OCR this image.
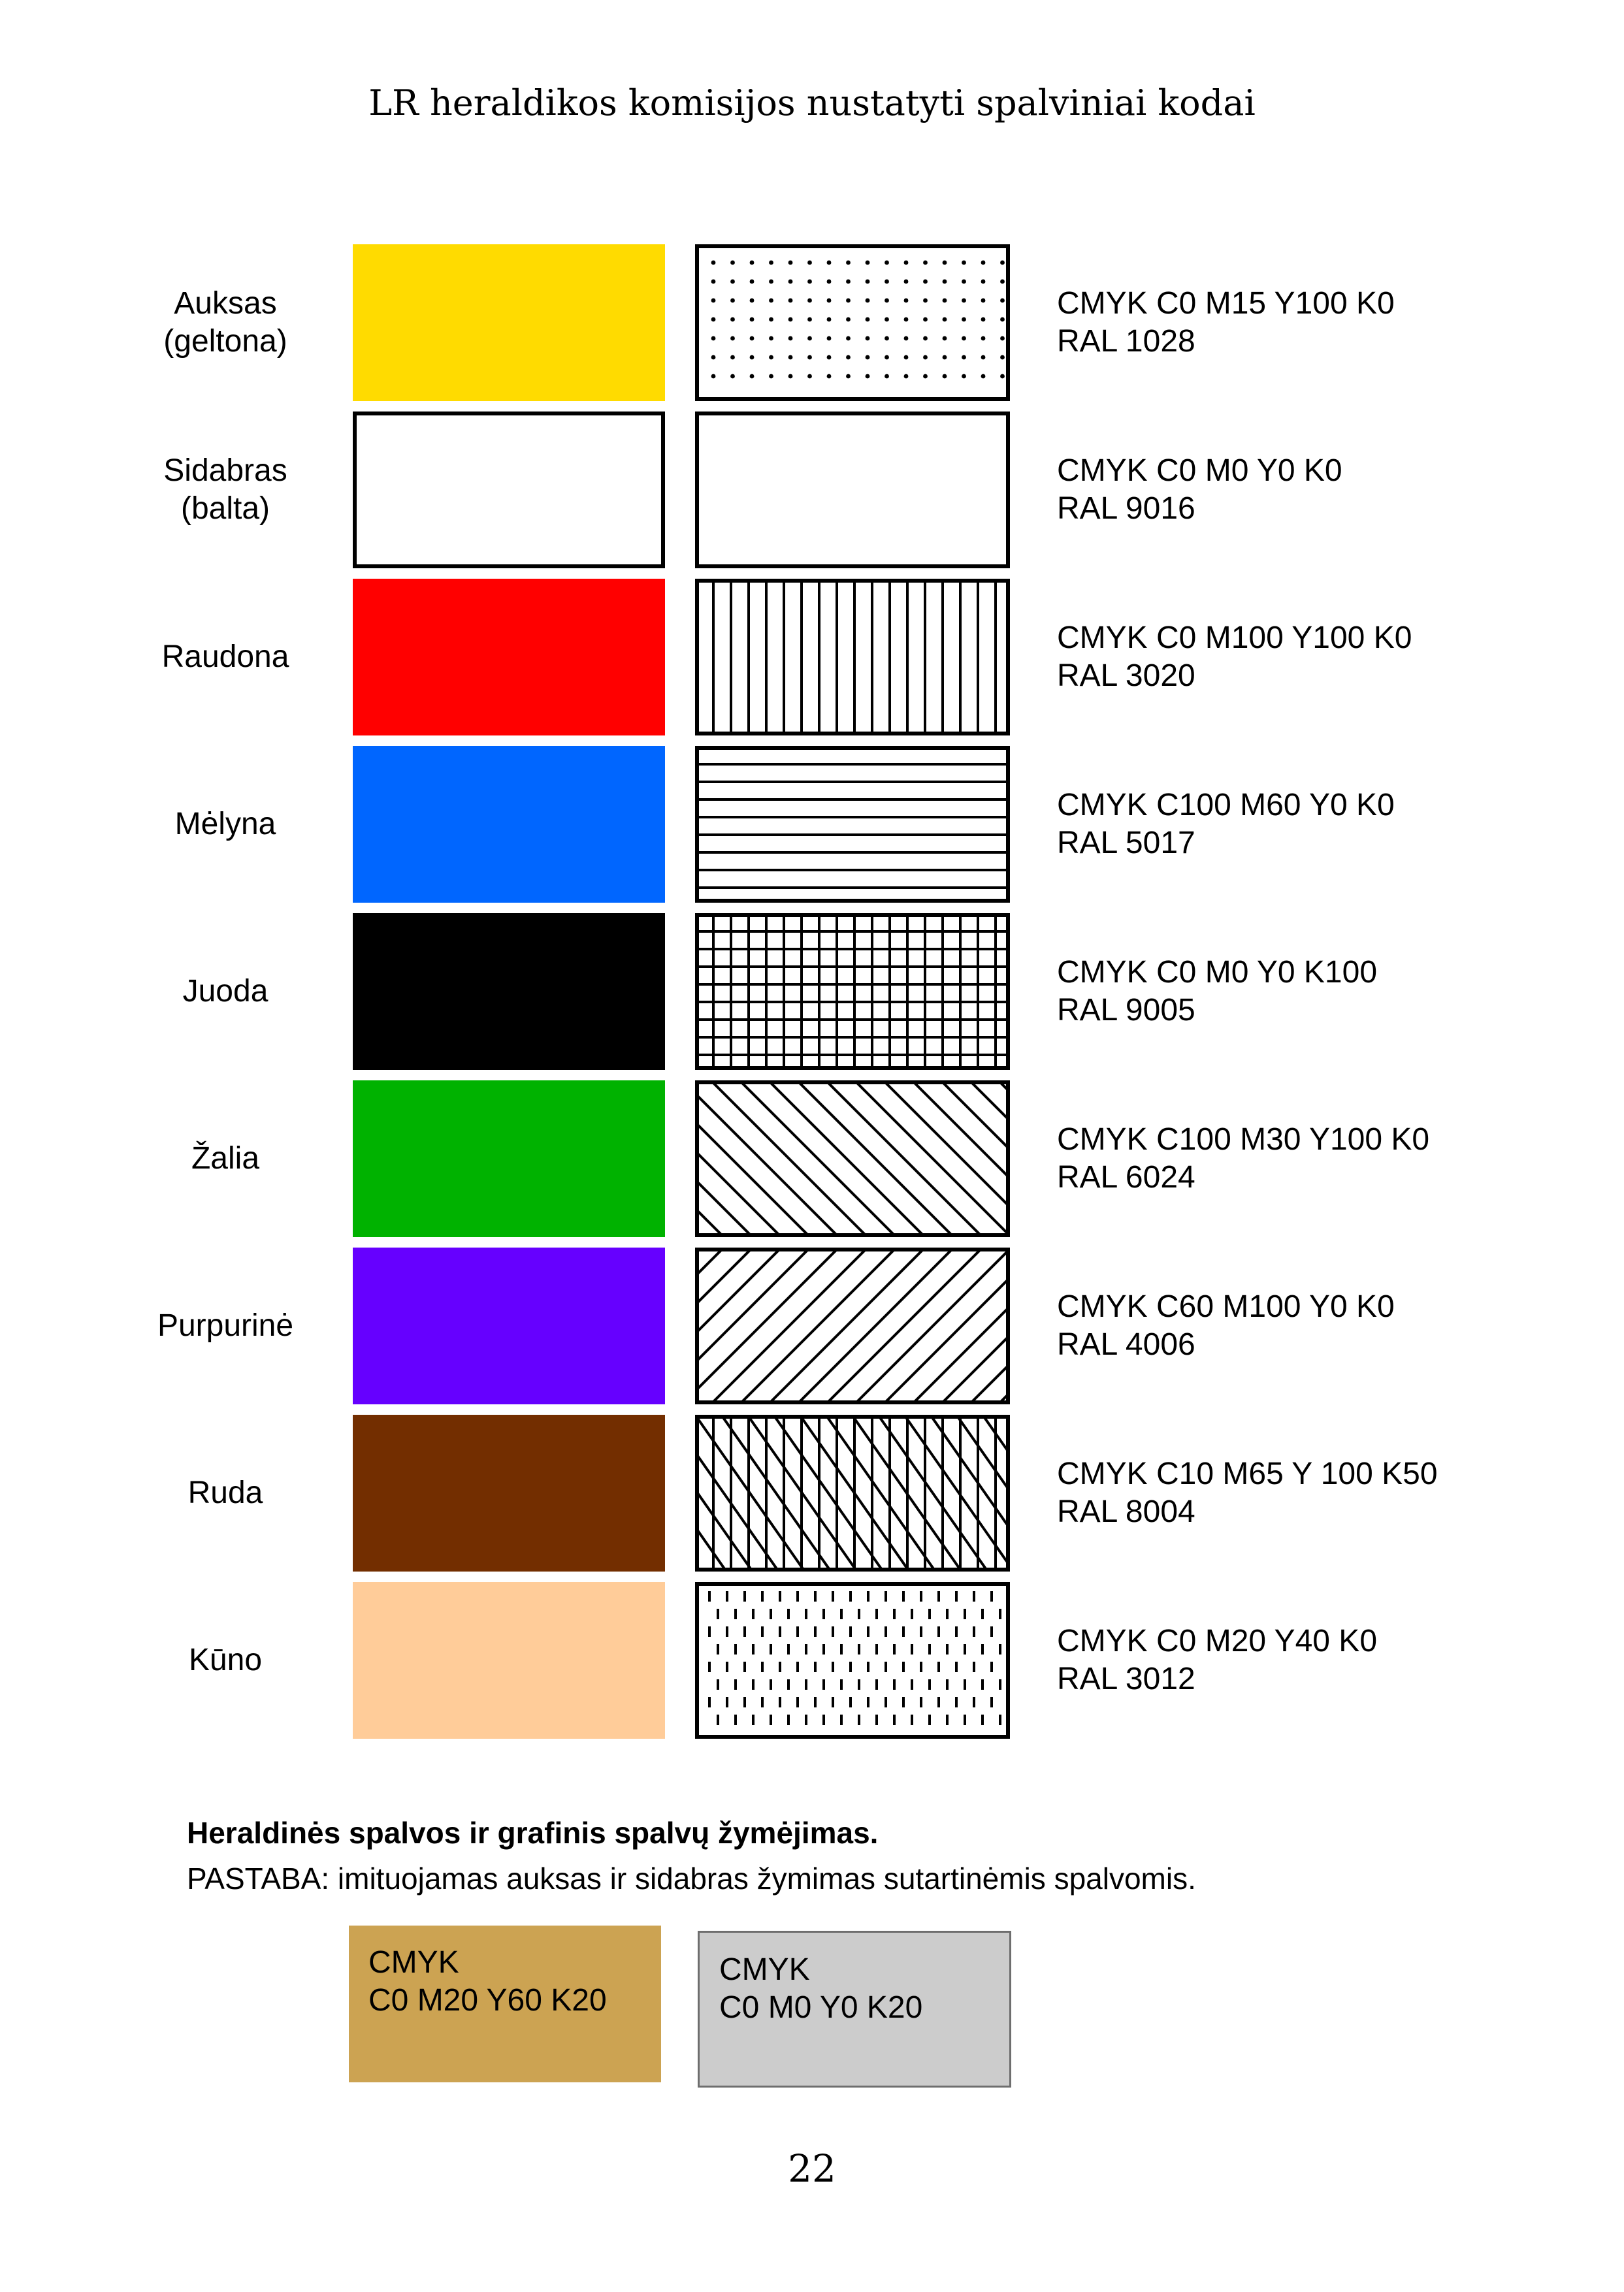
LR heraldikos komisijos nustatyti spalviniai kodai
Auksas
(geltona)
CMYK C0 M15 Y100 K0
RAL 1028
Sidabras
(balta)
CMYK C0 M0 Y0 K0
RAL 9016
Raudona
CMYK C0 M100 Y100 K0
RAL 3020
Mėlyna
CMYK C100 M60 Y0 K0
RAL 5017
Juoda
CMYK C0 M0 Y0 K100
RAL 9005
Žalia
CMYK C100 M30 Y100 K0
RAL 6024
Purpurinė
CMYK C60 M100 Y0 K0
RAL 4006
Ruda
CMYK C10 M65 Y 100 K50
RAL 8004
Kūno
CMYK C0 M20 Y40 K0
RAL 3012
Heraldinės spalvos ir grafinis spalvų žymėjimas.
PASTABA: imituojamas auksas ir sidabras žymimas sutartinėmis spalvomis.
CMYK
C0 M20 Y60 K20
CMYK
C0 M0 Y0 K20
22
